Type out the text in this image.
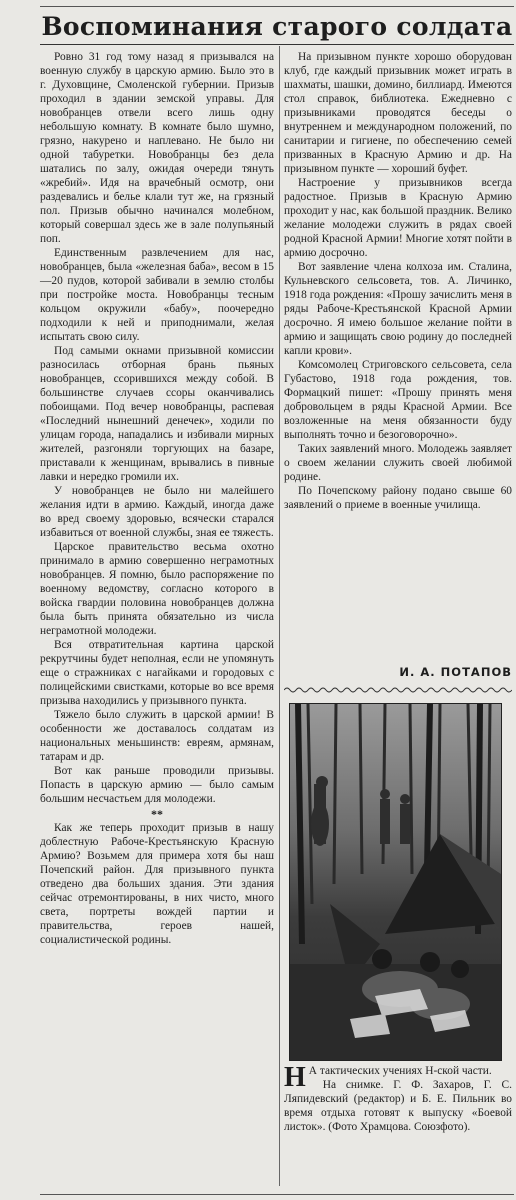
Воспоминания старого солдата

Ровно 31 год тому назад я призывался на военную службу в царскую армию. Было это в г. Духовщине, Смоленской губернии. Призыв проходил в здании земской управы. Для новобранцев отвели всего лишь одну небольшую комнату. В комнате было шумно, грязно, накурено и наплевано. Не было ни одной табуретки. Новобранцы без дела шатались по залу, ожидая очереди тянуть «жребий». Идя на врачебный осмотр, они раздевались и белье клали тут же, на грязный пол. Призыв обычно начинался молебном, который совершал здесь же в зале полупьяный поп.

Единственным развлечением для нас, новобранцев, была «железная баба», весом в 15—20 пудов, которой забивали в землю столбы при постройке моста. Новобранцы тесным кольцом окружили «бабу», поочередно подходили к ней и приподнимали, желая испытать свою силу.

Под самыми окнами призывной комиссии разносилась отборная брань пьяных новобранцев, ссорившихся между собой. В большинстве случаев ссоры оканчивались побоищами. Под вечер новобранцы, распевая «Последний нынешний денечек», ходили по улицам города, нападались и избивали мирных жителей, разгоняли торгующих на базаре, приставали к женщинам, врывались в пивные лавки и нередко громили их.

У новобранцев не было ни малейшего желания идти в армию. Каждый, иногда даже во вред своему здоровью, всячески старался избавиться от военной службы, зная ее тяжесть.

Царское правительство весьма охотно принимало в армию совершенно неграмотных новобранцев. Я помню, было распоряжение по военному ведомству, согласно которого в войска гвардии половина новобранцев должна была быть принята обязательно из числа неграмотной молодежи.

Вся отвратительная картина царской рекрутчины будет неполная, если не упомянуть еще о стражниках с нагайками и городовых с полицейскими свистками, которые во все время призыва находились у призывного пункта.

Тяжело было служить в царской армии! В особенности же доставалось солдатам из национальных меньшинств: евреям, армянам, татарам и др.

Вот как раньше проводили призывы. Попасть в царскую армию — было самым большим несчастьем для молодежи.

**

Как же теперь проходит призыв в нашу доблестную Рабоче-Крестьянскую Красную Армию? Возьмем для примера хотя бы наш Почепский район. Для призывного пункта отведено два больших здания. Эти здания сейчас отремонтированы, в них чисто, много света, портреты вождей партии и правительства, героев нашей, социалистической родины.

На призывном пункте хорошо оборудован клуб, где каждый призывник может играть в шахматы, шашки, домино, биллиард. Имеются стол справок, библиотека. Ежедневно с призывниками проводятся беседы о внутреннем и международном положений, по санитарии и гигиене, по обеспечению семей призванных в Красную Армию и др. На призывном пункте — хороший буфет.

Настроение у призывников всегда радостное. Призыв в Красную Армию проходит у нас, как большой праздник. Велико желание молодежи служить в рядах своей родной Красной Армии! Многие хотят пойти в армию досрочно.

Вот заявление члена колхоза им. Сталина, Кульневского сельсовета, тов. А. Личинко, 1918 года рождения: «Прошу зачислить меня в ряды Рабоче-Крестьянской Красной Армии досрочно. Я имею большое желание пойти в армию и защищать свою родину до последней капли крови».

Комсомолец Стриговского сельсовета, села Губастово, 1918 года рождения, тов. Формацкий пишет: «Прошу принять меня добровольцем в ряды Красной Армии. Все возложенные на меня обязанности буду выполнять точно и безоговорочно».

Таких заявлений много. Молодежь заявляет о своем желании служить своей любимой родине.

По Почепскому району подано свыше 60 заявлений о приеме в военные училища.

И. А. ПОТАПОВ

Н А тактических учениях Н-ской части.

На снимке. Г. Ф. Захаров, Г. С. Ляпидевский (редактор) и Б. Е. Пильник во время отдыха готовят к выпуску «Боевой листок». (Фото Храмцова. Союзфото).
